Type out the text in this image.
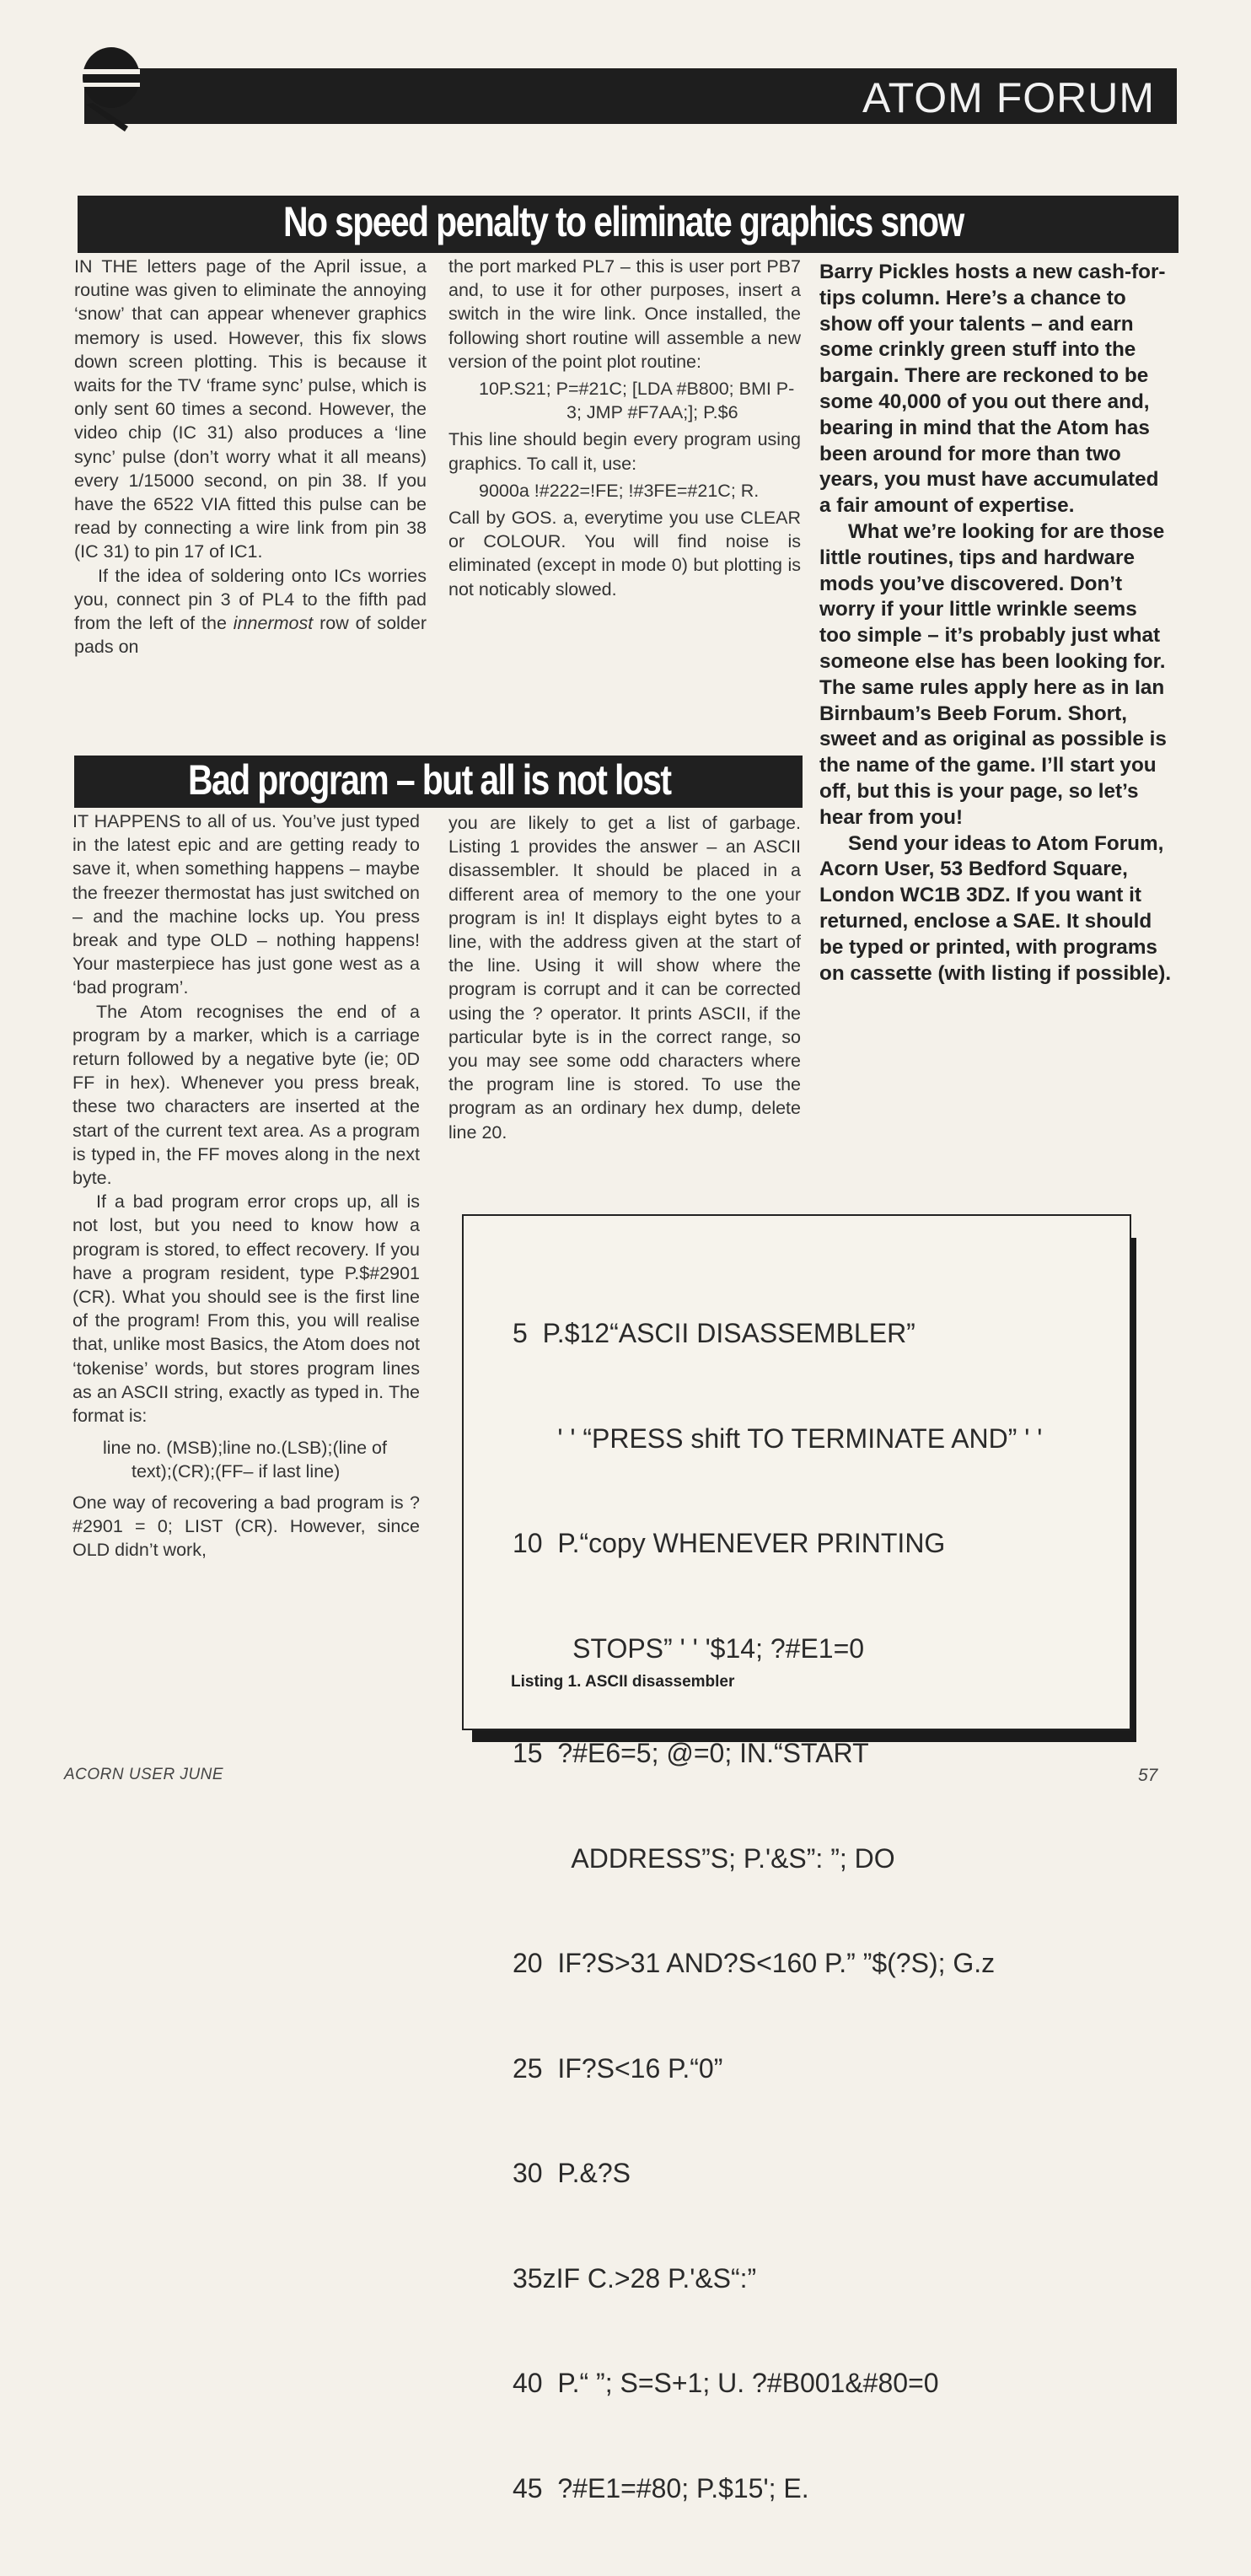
ATOM FORUM
No speed penalty to eliminate graphics snow

IN THE letters page of the April issue, a routine was given to eliminate the annoying ‘snow’ that can appear whenever graphics memory is used. However, this fix slows down screen plotting. This is because it waits for the TV ‘frame sync’ pulse, which is only sent 60 times a second. However, the video chip (IC 31) also produces a ‘line sync’ pulse (don’t worry what it all means) every 1/15000 second, on pin 38. If you have the 6522 VIA fitted this pulse can be read by connecting a wire link from pin 38 (IC 31) to pin 17 of IC1.

If the idea of soldering onto ICs worries you, connect pin 3 of PL4 to the fifth pad from the left of the innermost row of solder pads on

the port marked PL7 – this is user port PB7 and, to use it for other purposes, insert a switch in the wire link. Once installed, the following short routine will assemble a new version of the point plot routine:

10P.S21; P=#21C; [LDA #B800; BMI P-3; JMP #F7AA;]; P.$6

This line should begin every program using graphics. To call it, use:

9000a !#222=!FE; !#3FE=#21C; R.

Call by GOS. a, everytime you use CLEAR or COLOUR. You will find noise is eliminated (except in mode 0) but plotting is not noticably slowed.

Barry Pickles hosts a new cash-for-tips column. Here’s a chance to show off your talents – and earn some crinkly green stuff into the bargain. There are reckoned to be some 40,000 of you out there and, bearing in mind that the Atom has been around for more than two years, you must have accumulated a fair amount of expertise.

What we’re looking for are those little routines, tips and hardware mods you’ve discovered. Don’t worry if your little wrinkle seems too simple – it’s probably just what someone else has been looking for. The same rules apply here as in Ian Birnbaum’s Beeb Forum. Short, sweet and as original as possible is the name of the game. I’ll start you off, but this is your page, so let’s hear from you!

Send your ideas to Atom Forum, Acorn User, 53 Bedford Square, London WC1B 3DZ. If you want it returned, enclose a SAE. It should be typed or printed, with programs on cassette (with listing if possible).

Bad program – but all is not lost

IT HAPPENS to all of us. You’ve just typed in the latest epic and are getting ready to save it, when something happens – maybe the freezer thermostat has just switched on – and the machine locks up. You press break and type OLD – nothing happens! Your masterpiece has just gone west as a ‘bad program’.

The Atom recognises the end of a program by a marker, which is a carriage return followed by a negative byte (ie; 0D FF in hex). Whenever you press break, these two characters are inserted at the start of the current text area. As a program is typed in, the FF moves along in the next byte.

If a bad program error crops up, all is not lost, but you need to know how a program is stored, to effect recovery. If you have a program resident, type P.$#2901 (CR). What you should see is the first line of the program! From this, you will realise that, unlike most Basics, the Atom does not ‘tokenise’ words, but stores program lines as an ASCII string, exactly as typed in. The format is:

line no. (MSB);line no.(LSB);(line of text);(CR);(FF– if last line)

One way of recovering a bad program is ?#2901 = 0; LIST (CR). However, since OLD didn’t work,

you are likely to get a list of garbage. Listing 1 provides the answer – an ASCII disassembler. It should be placed in a different area of memory to the one your program is in! It displays eight bytes to a line, with the address given at the start of the line. Using it will show where the program is corrupt and it can be corrected using the ? operator. It prints ASCII, if the particular byte is in the correct range, so you may see some odd characters where the program line is stored. To use the program as an ordinary hex dump, delete line 20.

5  P.$12“ASCII DISASSEMBLER”

' ' “PRESS shift TO TERMINATE AND” ' '

10  P.“copy WHENEVER PRINTING

STOPS” ' ' '$14; ?#E1=0

15  ?#E6=5; @=0; IN.“START

ADDRESS”S; P.'&S”: ”; DO

20  IF?S>31 AND?S<160 P.” ”$(?S); G.z

25  IF?S<16 P.“0”

30  P.&?S

35zIF C.>28 P.'&S“:”

40  P.“ ”; S=S+1; U. ?#B001&#80=0

45  ?#E1=#80; P.$15'; E.

Listing 1. ASCII disassembler
ACORN USER JUNE	57
